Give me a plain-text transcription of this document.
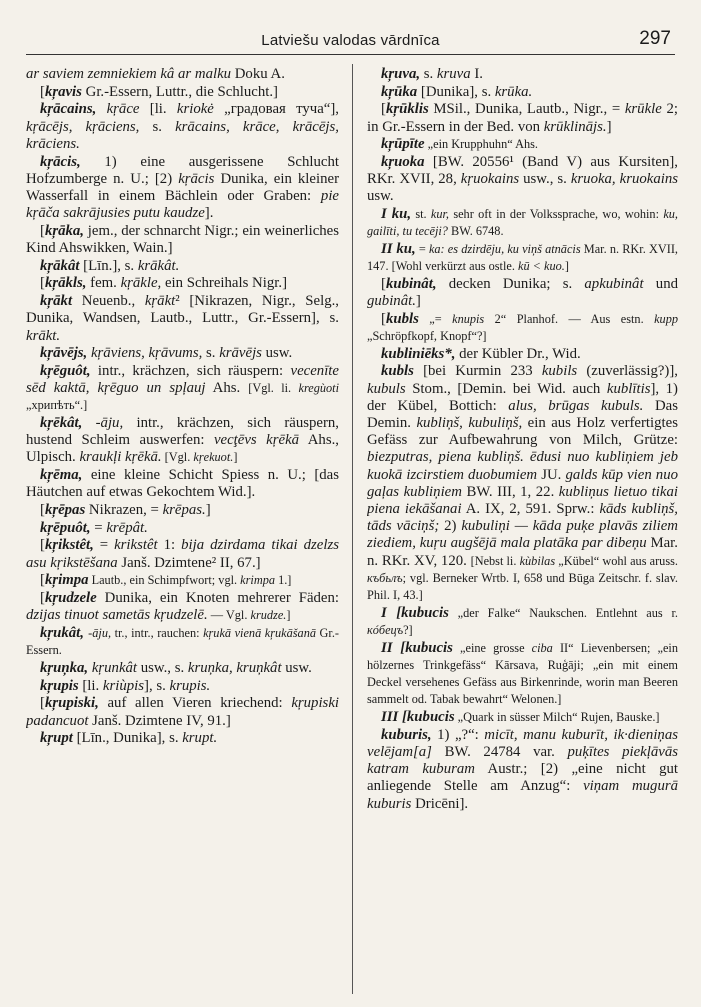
Latviešu valodas vārdnīca	297

ar saviem zemniekiem kâ ar malku Doku A.

[kŗavis Gr.-Essern, Luttr., die Schlucht.]

kŗācains, kŗāce [li. kriokė „градовая туча“], kŗācējs, kŗāciens, s. krācains, krāce, krācējs, krāciens.

kŗācis, 1) eine ausgerissene Schlucht Hofzumberge n. U.; [2) kŗācis Dunika, ein kleiner Wasserfall in einem Bächlein oder Graben: pie kŗāča sakrājusies putu kaudze].

[kŗāka, jem., der schnarcht Nigr.; ein weinerliches Kind Ahswikken, Wain.]

kŗākât [Līn.], s. krākât.

[kŗākls, fem. kŗākle, ein Schreihals Nigr.]

kŗākt Neuenb., kŗākt² [Nikrazen, Nigr., Selg., Dunika, Wandsen, Lautb., Luttr., Gr.-Essern], s. krākt.

kŗāvējs, kŗāviens, kŗāvums, s. krāvējs usw.

kŗēguôt, intr., krächzen, sich räuspern: vecenīte sēd kaktā, kŗēguo un spļauj Ahs. [Vgl. li. kregùoti „хрипѣть“.]

kŗēkât, -āju, intr., krächzen, sich räuspern, hustend Schleim auswerfen: vecţēvs kŗēkā Ahs., Ulpisch. kraukļi kŗēkā. [Vgl. kŗekuot.]

kŗēma, eine kleine Schicht Spiess n. U.; [das Häutchen auf etwas Gekochtem Wid.].

[kŗēpas Nikrazen, = krēpas.]

kŗēpuôt, = krēpât.

[kŗikstêt, = krikstêt 1: bija dzirdama tikai dzelzs asu kŗikstēšana Janš. Dzimtene² II, 67.]

[kŗimpa Lautb., ein Schimpfwort; vgl. krimpa 1.]

[kŗudzele Dunika, ein Knoten mehrerer Fäden: dzijas tinuot sametās kŗudzelē. — Vgl. krudze.]

kŗukât, -āju, tr., intr., rauchen: kŗukā vienā kŗukāšanā Gr.-Essern.

kŗuņka, kŗunkât usw., s. kruņka, kruņkât usw.

kŗupis [li. kriùpis], s. krupis.

[kŗupiski, auf allen Vieren kriechend: kŗupiski padancuot Janš. Dzimtene IV, 91.]

kŗupt [Līn., Dunika], s. krupt.

kŗuva, s. kruva I.

kŗūka [Dunika], s. krūka.

[kŗūklis MSil., Dunika, Lautb., Nigr., = krūkle 2; in Gr.-Essern in der Bed. von krūklinājs.]

kŗūpīte „ein Krupphuhn“ Ahs.

kŗuoka [BW. 20556¹ (Band V) aus Kursiten], RKr. XVII, 28, kŗuokains usw., s. kruoka, kruokains usw.

I ku, st. kur, sehr oft in der Volkssprache, wo, wohin: ku, gailīti, tu tecēji? BW. 6748.

II ku, = ka: es dzirdēju, ku viņš atnācis Mar. n. RKr. XVII, 147. [Wohl verkürzt aus ostle. kū < kuo.]

[kubinât, decken Dunika; s. apkubinât und gubinât.]

[kubls „= knupis 2“ Planhof. — Aus estn. kupp „Schröpfkopf, Knopf“?]

kubliniēks*, der Kübler Dr., Wid.

kubls [bei Kurmin 233 kubils (zuverlässig?)], kubuls Stom., [Demin. bei Wid. auch kublītis], 1) der Kübel, Bottich: alus, brūgas kubuls. Das Demin. kubliņš, kubuliņš, ein aus Holz verfertigtes Gefäss zur Aufbewahrung von Milch, Grütze: biezputras, piena kubliņš. ēdusi nuo kubliņiem jeb kuokā izcirstiem duobumiem JU. galds kūp vien nuo gaļas kubliņiem BW. III, 1, 22. kubliņus lietuo tikai piena iekāšanai A. IX, 2, 591. Sprw.: kāds kubliņš, tāds vāciņš; 2) kubuliņi — kāda puķe plavās ziliem ziediem, kuŗu augšējā mala platāka par dibeņu Mar. n. RKr. XV, 120. [Nebst li. kùbilas „Kübel“ wohl aus aruss. къбьлъ; vgl. Berneker Wrtb. I, 658 und Būga Zeitschr. f. slav. Phil. I, 43.]

I [kubucis „der Falke“ Naukschen. Entlehnt aus r. кóбецъ?]

II [kubucis „eine grosse ciba II“ Lievenbersen; „ein hölzernes Trinkgefäss“ Kārsava, Ruģāji; „ein mit einem Deckel versehenes Gefäss aus Birkenrinde, worin man Beeren sammelt od. Tabak bewahrt“ Welonen.]

III [kubucis „Quark in süsser Milch“ Rujen, Bauske.]

kuburis, 1) „?“: micīt, manu kuburīt, ik·dieniņas velējam[a] BW. 24784 var. puķītes piekļāvās katram kuburam Austr.; [2) „eine nicht gut anliegende Stelle am Anzug“: viņam mugurā kuburis Dricēni].
